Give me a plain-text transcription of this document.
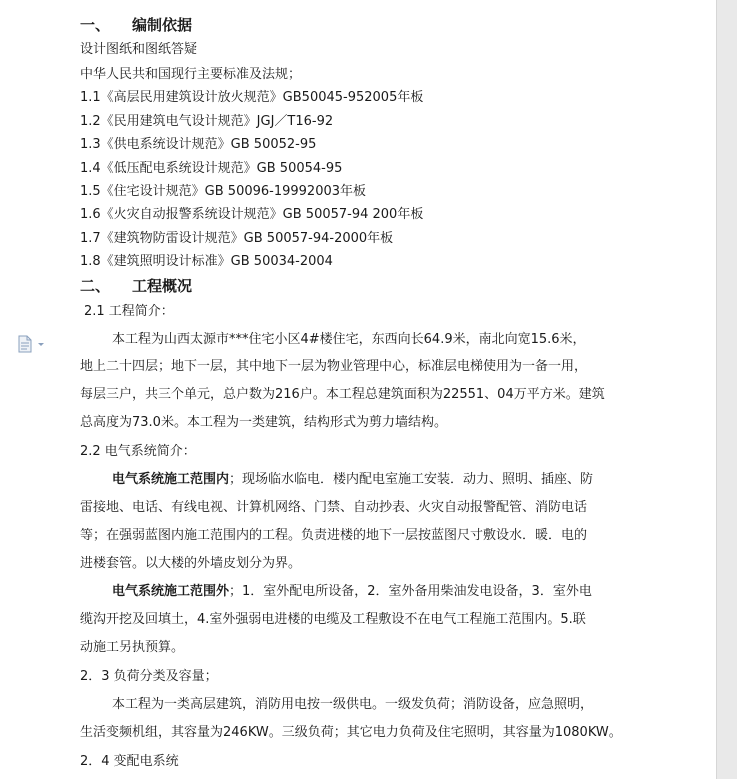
一、 编制依据
设计图纸和图纸答疑
中华人民共和国现行主要标准及法规；
1.1《高层民用建筑设计放火规范》GB50045-952005年板
1.2《民用建筑电气设计规范》JGJ／T16-92
1.3《供电系统设计规范》GB 50052-95
1.4《低压配电系统设计规范》GB 50054-95
1.5《住宅设计规范》GB 50096-19992003年板
1.6《火灾自动报警系统设计规范》GB 50057-94 200年板
1.7《建筑物防雷设计规范》GB 50057-94-2000年板
1.8《建筑照明设计标准》GB 50034-2004
二、 工程概况
2.1 工程简介：
本工程为山西太源市***住宅小区4#楼住宅，东西向长64.9米，南北向宽15.6米，
地上二十四层；地下一层，其中地下一层为物业管理中心，标准层电梯使用为一备一用，
每层三户，共三个单元，总户数为216户。本工程总建筑面积为22551、04万平方米。建筑
总高度为73.0米。本工程为一类建筑，结构形式为剪力墙结构。
2.2 电气系统简介：
电气系统施工范围内；现场临水临电．楼内配电室施工安装．动力、照明、插座、防
雷接地、电话、有线电视、计算机网络、门禁、自动抄表、火灾自动报警配管、消防电话
等；在强弱蓝图内施工范围内的工程。负责进楼的地下一层按蓝图尺寸敷设水．暖．电的
进楼套管。以大楼的外墙皮划分为界。
电气系统施工范围外；1．室外配电所设备，2．室外备用柴油发电设备，3．室外电
缆沟开挖及回填土，4.室外强弱电进楼的电缆及工程敷设不在电气工程施工范围内。5.联
动施工另执预算。
2．3 负荷分类及容量；
本工程为一类高层建筑，消防用电按一级供电。一级发负荷；消防设备，应急照明，
生活变频机组，其容量为246KW。三级负荷；其它电力负荷及住宅照明，其容量为1080KW。
2．4 变配电系统
